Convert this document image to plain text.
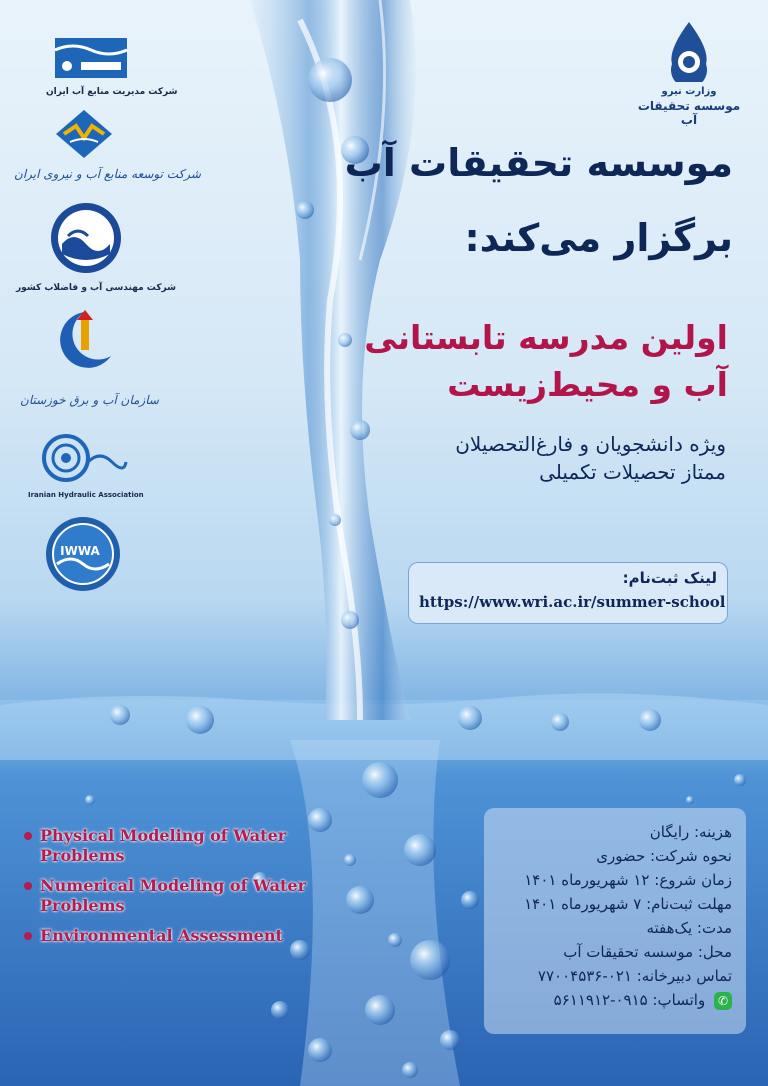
شرکت مدیریت منابع آب ایران
شرکت توسعه منابع آب و نیروی ایران
شرکت مهندسی آب و فاضلاب کشور
سازمان آب و برق خوزستان
Iranian Hydraulic Association
IWWA
وزارت نیرو
موسسه تحقیقات آب
موسسه تحقیقات آب
برگزار می‌کند:
اولین مدرسه تابستانی
آب و محیط‌زیست
ویژه دانشجویان و فارغ‌التحصیلان
ممتاز تحصیلات تکمیلی
لینک ثبت‌نام:
https://www.wri.ac.ir/summer-school
Physical Modeling of Water Problems
Numerical Modeling of Water Problems
Environmental Assessment
هزینه: رایگان
نحوه شرکت: حضوری
زمان شروع: ۱۲ شهریورماه ۱۴۰۱
مهلت ثبت‌نام: ۷ شهریورماه ۱۴۰۱
مدت: یک‌هفته
محل: موسسه تحقیقات آب
تماس دبیرخانه: ۰۲۱-۷۷۰۰۴۵۳۶
✆ واتساپ: ۰۹۱۵-۵۶۱۱۹۱۲
